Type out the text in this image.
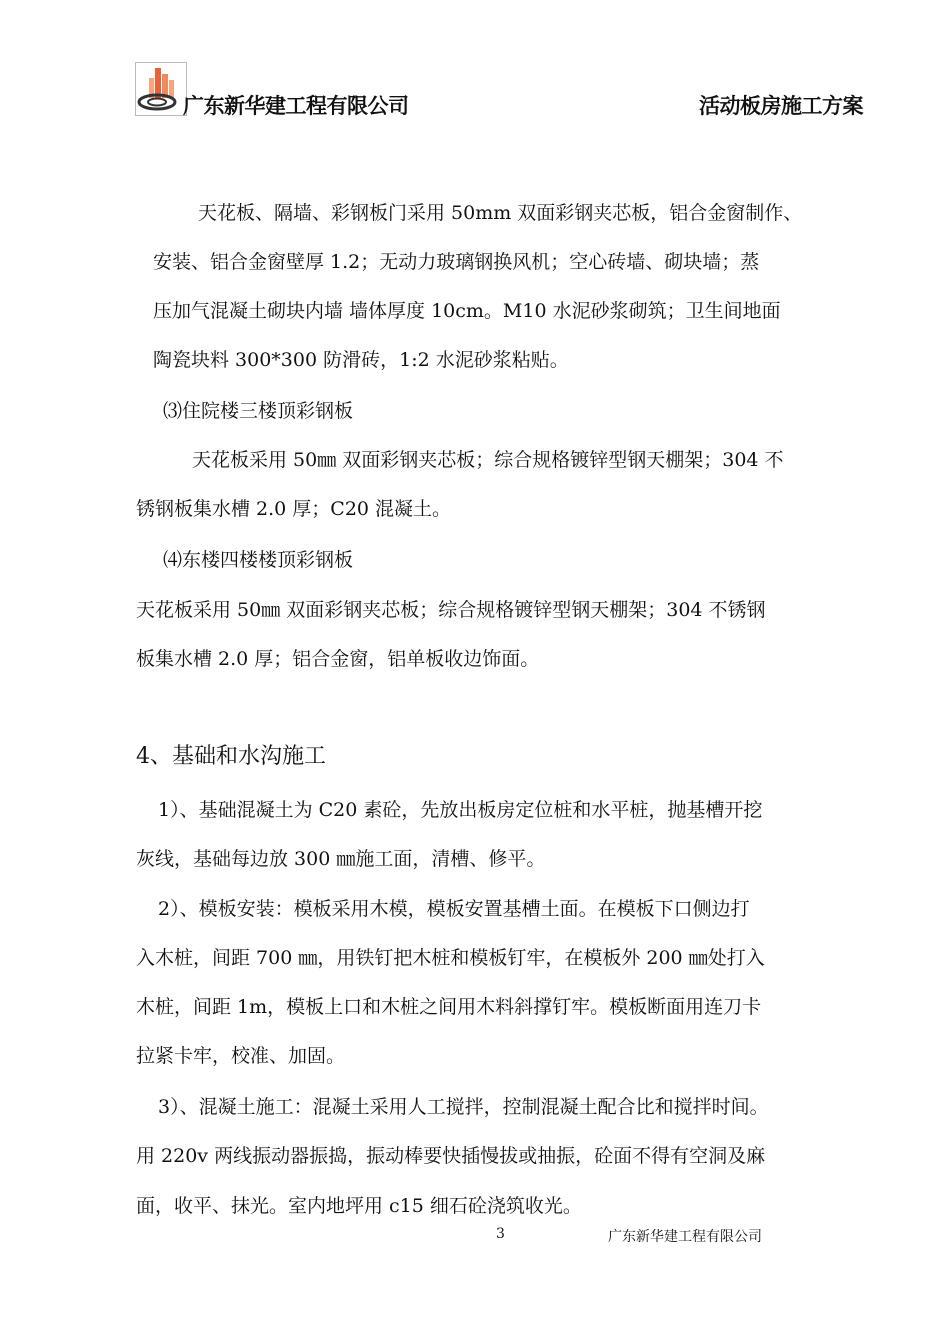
广东新华建工程有限公司	活动板房施工方案
天花板、隔墙、彩钢板门采用 50mm 双面彩钢夹芯板，铝合金窗制作、
安装、铝合金窗壁厚 1.2；无动力玻璃钢换风机；空心砖墙、砌块墙；蒸
压加气混凝土砌块内墙 墙体厚度 10cm。M10 水泥砂浆砌筑；卫生间地面
陶瓷块料 300*300 防滑砖，1:2 水泥砂浆粘贴。
⑶住院楼三楼顶彩钢板
天花板采用 50㎜ 双面彩钢夹芯板；综合规格镀锌型钢天棚架；304 不
锈钢板集水槽 2.0 厚；C20 混凝土。
⑷东楼四楼楼顶彩钢板
天花板采用 50㎜ 双面彩钢夹芯板；综合规格镀锌型钢天棚架；304 不锈钢
板集水槽 2.0 厚；铝合金窗，铝单板收边饰面。
4、基础和水沟施工
1）、基础混凝土为 C20 素砼，先放出板房定位桩和水平桩，抛基槽开挖
灰线，基础每边放 300 ㎜施工面，清槽、修平。
2）、模板安装：模板采用木模，模板安置基槽土面。在模板下口侧边打
入木桩，间距 700 ㎜，用铁钉把木桩和模板钉牢，在模板外 200 ㎜处打入
木桩，间距 1m，模板上口和木桩之间用木料斜撑钉牢。模板断面用连刀卡
拉紧卡牢，校准、加固。
3）、混凝土施工：混凝土采用人工搅拌，控制混凝土配合比和搅拌时间。
用 220v 两线振动器振捣，振动棒要快插慢拔或抽振，砼面不得有空洞及麻
面，收平、抹光。室内地坪用 c15 细石砼浇筑收光。
3	广东新华建工程有限公司
